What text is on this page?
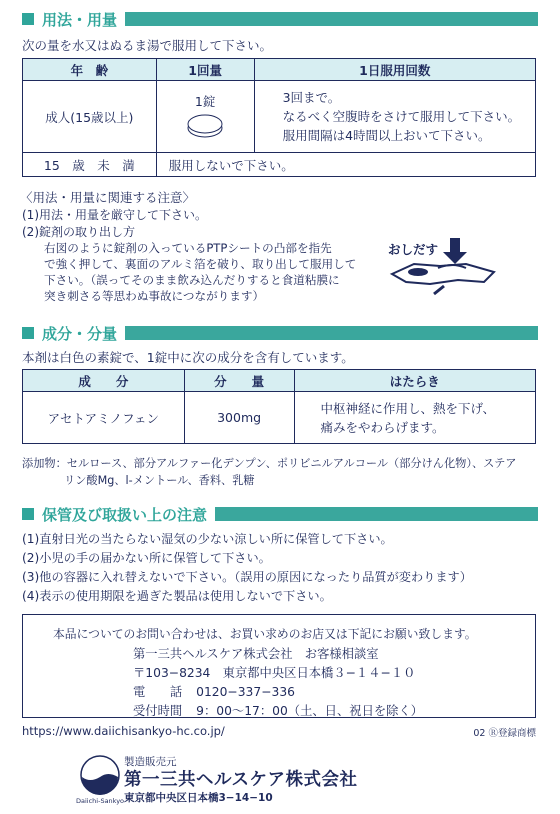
用法・用量
次の量を水又はぬるま湯で服用して下さい。
年　齢	1回量	1日服用回数
成人(15歳以上)	1錠	3回まで。
なるべく空腹時をさけて服用して下さい。
服用間隔は4時間以上おいて下さい。

15　歳　未　満	服用しないで下さい。	
〈用法・用量に関連する注意〉
(1)用法・用量を厳守して下さい。
(2)錠剤の取り出し方
右図のように錠剤の入っているPTPシートの凸部を指先
で強く押して、裏面のアルミ箔を破り、取り出して服用して
下さい。（誤ってそのまま飲み込んだりすると食道粘膜に
突き刺さる等思わぬ事故につながります）
おしだす
成分・分量
本剤は白色の素錠で、1錠中に次の成分を含有しています。
成　　分	分　　量	はたらき
アセトアミノフェン	300mg	中枢神経に作用し、熱を下げ、
痛みをやわらげます。
添加物：セルロース、部分アルファー化デンプン、ポリビニルアルコール（部分けん化物）、ステア
リン酸Mg、l-メントール、香料、乳糖
保管及び取扱い上の注意
(1)直射日光の当たらない湿気の少ない涼しい所に保管して下さい。
(2)小児の手の届かない所に保管して下さい。
(3)他の容器に入れ替えないで下さい。（誤用の原因になったり品質が変わります）
(4)表示の使用期限を過ぎた製品は使用しないで下さい。
本品についてのお問い合わせは、お買い求めのお店又は下記にお願い致します。
第一三共ヘルスケア株式会社　お客様相談室
〒103−8234　東京都中央区日本橋３−１４−１０
電　　話 0120−337−336
受付時間 9：00〜17：00（土、日、祝日を除く）
https://www.daiichisankyo-hc.co.jp/	02 Ⓡ登録商標
Daiichi-Sankyo
製造販売元
第一三共ヘルスケア株式会社
東京都中央区日本橋3−14−10
